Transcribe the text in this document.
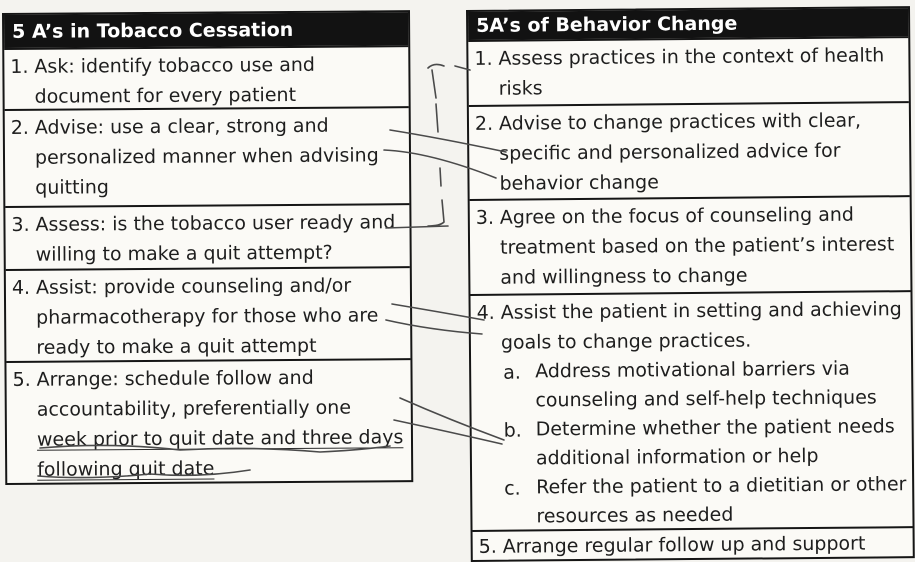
5 A’s in Tobacco Cessation
1. Ask: identify tobacco use and document for every patient
2. Advise: use a clear, strong and personalized manner when advising quitting
3. Assess: is the tobacco user ready and willing to make a quit attempt?
4. Assist: provide counseling and/or pharmacotherapy for those who are ready to make a quit attempt
5. Arrange: schedule follow and accountability, preferentially one week prior to quit date and three days following quit date
5A’s of Behavior Change
1. Assess practices in the context of health risks
2. Advise to change practices with clear, specific and personalized advice for behavior change
3. Agree on the focus of counseling and treatment based on the patient’s interest and willingness to change
4. Assist the patient in setting and achieving goals to change practices.
a. Address motivational barriers via counseling and self-help techniques
b. Determine whether the patient needs additional information or help
c. Refer the patient to a dietitian or other resources as needed
5. Arrange regular follow up and support
